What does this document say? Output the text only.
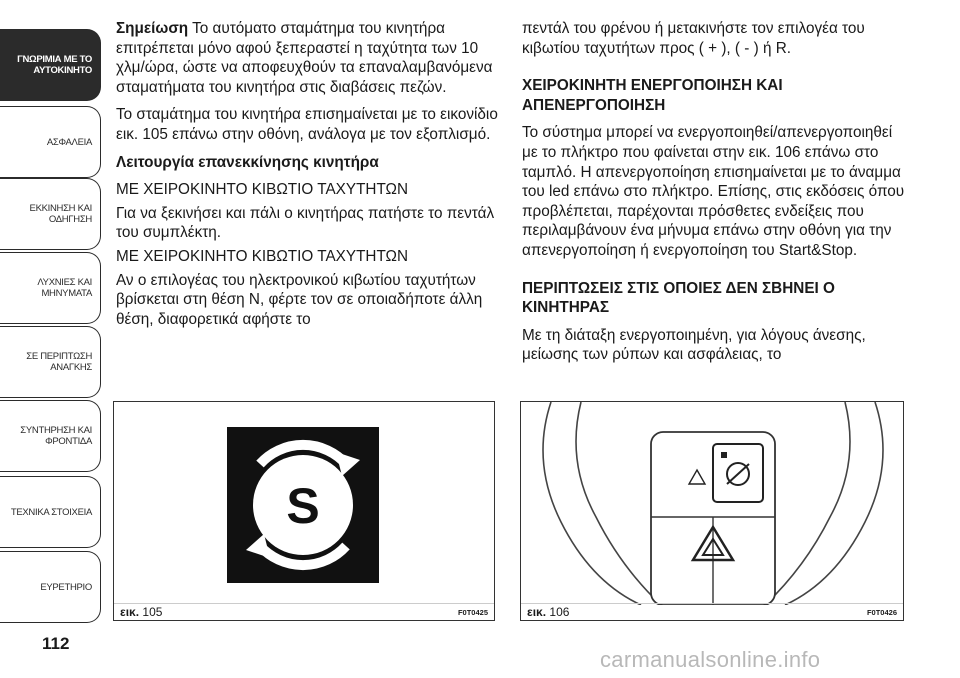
ΓΝΩΡΙΜΙΑ ΜΕ ΤΟ
ΑΥΤΟΚΙΝΗΤΟ
ΑΣΦΑΛΕΙΑ
ΕΚΚΙΝΗΣΗ ΚΑΙ
ΟΔΗΓΗΣΗ
ΛΥΧΝΙΕΣ ΚΑΙ
ΜΗΝΥΜΑΤΑ
ΣΕ ΠΕΡΙΠΤΩΣΗ
ΑΝΑΓΚΗΣ
ΣΥΝΤΗΡΗΣΗ ΚΑΙ
ΦΡΟΝΤΙΔΑ
ΤΕΧΝΙΚΑ ΣΤΟΙΧΕΙΑ
ΕΥΡΕΤΗΡΙΟ
112

Σημείωση Το αυτόματο σταμάτημα του κινητήρα επιτρέπεται μόνο αφού ξεπεραστεί η ταχύτητα των 10 χλμ/ώρα, ώστε να αποφευχθούν τα επαναλαμβανόμενα σταματήματα του κινητήρα στις διαβάσεις πεζών.

Το σταμάτημα του κινητήρα επισημαίνεται με το εικονίδιο εικ. 105 επάνω στην οθόνη, ανάλογα με τον εξοπλισμό.

Λειτουργία επανεκκίνησης κινητήρα

ΜΕ ΧΕΙΡΟΚΙΝΗΤΟ ΚΙΒΩΤΙΟ ΤΑΧΥΤΗΤΩΝ

Για να ξεκινήσει και πάλι ο κινητήρας πατήστε το πεντάλ του συμπλέκτη.

ΜΕ ΧΕΙΡΟΚΙΝΗΤΟ ΚΙΒΩΤΙΟ ΤΑΧΥΤΗΤΩΝ

Αν ο επιλογέας του ηλεκτρονικού κιβωτίου ταχυτήτων βρίσκεται στη θέση N, φέρτε τον σε οποιαδήποτε άλλη θέση, διαφορετικά αφήστε το

πεντάλ του φρένου ή μετακινήστε τον επιλογέα του κιβωτίου ταχυτήτων προς ( + ), ( - ) ή R.

ΧΕΙΡΟΚΙΝΗΤΗ ΕΝΕΡΓΟΠΟΙΗΣΗ ΚΑΙ ΑΠΕΝΕΡΓΟΠΟΙΗΣΗ

Το σύστημα μπορεί να ενεργοποιηθεί/απενεργοποιηθεί με το πλήκτρο που φαίνεται στην εικ. 106 επάνω στο ταμπλό. Η απενεργοποίηση επισημαίνεται με το άναμμα του led επάνω στο πλήκτρο. Επίσης, στις εκδόσεις όπου προβλέπεται, παρέχονται πρόσθετες ενδείξεις που περιλαμβάνουν ένα μήνυμα επάνω στην οθόνη για την απενεργοποίηση ή ενεργοποίηση του Start&Stop.

ΠΕΡΙΠΤΩΣΕΙΣ ΣΤΙΣ ΟΠΟΙΕΣ ΔΕΝ ΣΒΗΝΕΙ Ο ΚΙΝΗΤΗΡΑΣ

Με τη διάταξη ενεργοποιημένη, για λόγους άνεσης, μείωσης των ρύπων και ασφάλειας, το

S
εικ. 105	F0T0425	εικ. 106	F0T0426
carmanualsonline.info
